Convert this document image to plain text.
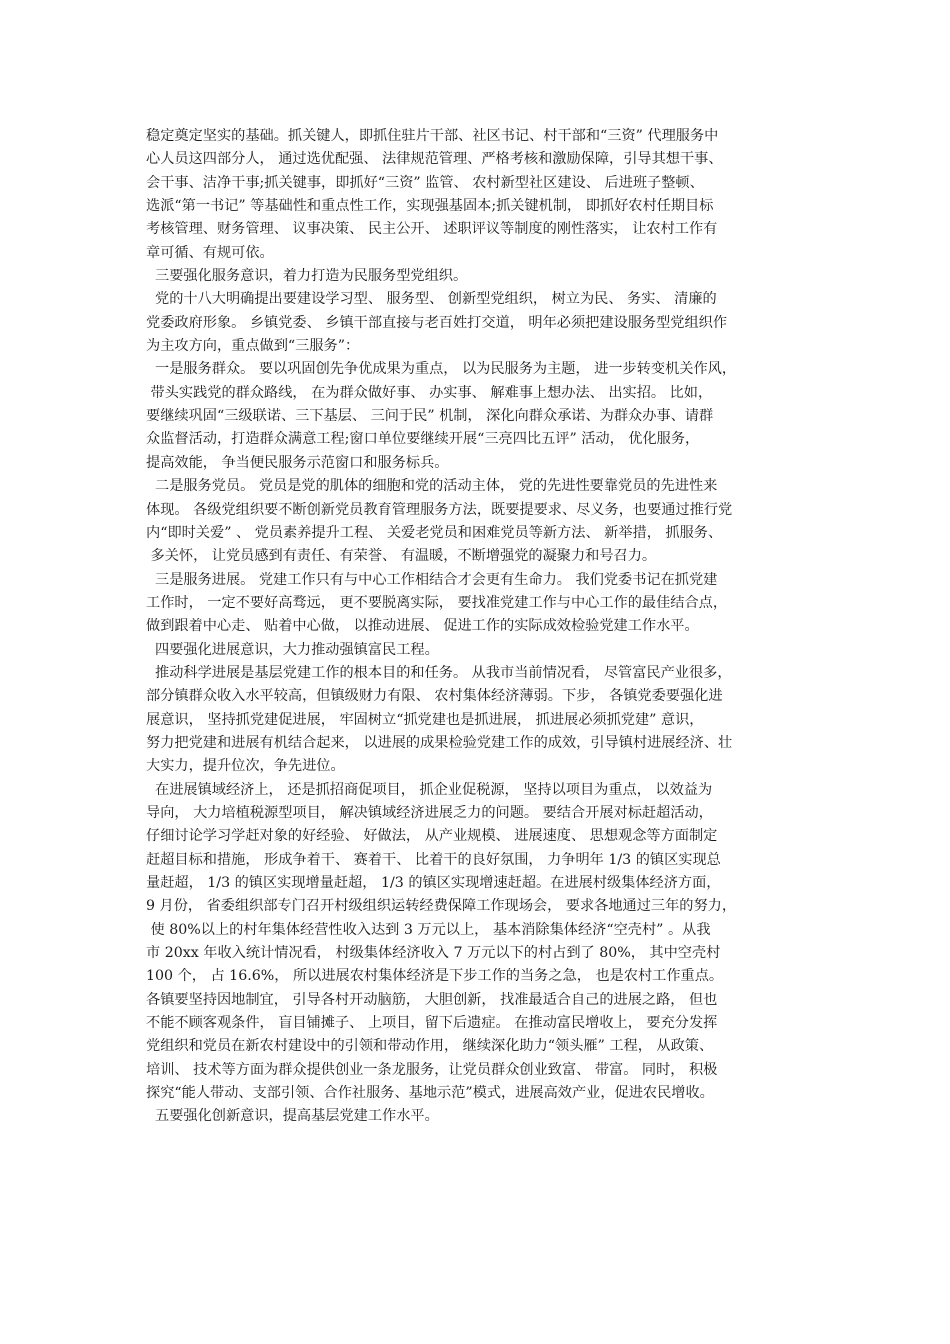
稳定奠定坚实的基础。抓关键人，即抓住驻片干部、社区书记、村干部和“三资” 代理服务中
心人员这四部分人， 通过选优配强、 法律规范管理、严格考核和激励保障，引导其想干事、
会干事、洁净干事;抓关键事，即抓好“三资” 监管、 农村新型社区建设、 后进班子整顿、
选派“第一书记” 等基础性和重点性工作，实现强基固本;抓关键机制， 即抓好农村任期目标
考核管理、财务管理、 议事决策、 民主公开、 述职评议等制度的刚性落实， 让农村工作有
章可循、有规可依。
三要强化服务意识，着力打造为民服务型党组织。
党的十八大明确提出要建设学习型、 服务型、 创新型党组织， 树立为民、 务实、 清廉的
党委政府形象。 乡镇党委、 乡镇干部直接与老百姓打交道， 明年必须把建设服务型党组织作
为主攻方向，重点做到“三服务”：
一是服务群众。 要以巩固创先争优成果为重点， 以为民服务为主题， 进一步转变机关作风，
带头实践党的群众路线， 在为群众做好事、 办实事、 解难事上想办法、 出实招。 比如，
要继续巩固“三级联诺、三下基层、 三问于民” 机制， 深化向群众承诺、为群众办事、请群
众监督活动，打造群众满意工程;窗口单位要继续开展“三亮四比五评” 活动， 优化服务，
提高效能， 争当便民服务示范窗口和服务标兵。
二是服务党员。 党员是党的肌体的细胞和党的活动主体， 党的先进性要靠党员的先进性来
体现。 各级党组织要不断创新党员教育管理服务方法，既要提要求、尽义务，也要通过推行党
内“即时关爱” 、 党员素养提升工程、 关爱老党员和困难党员等新方法、 新举措， 抓服务、
多关怀， 让党员感到有责任、有荣誉、 有温暖，不断增强党的凝聚力和号召力。
三是服务进展。 党建工作只有与中心工作相结合才会更有生命力。 我们党委书记在抓党建
工作时， 一定不要好高骛远， 更不要脱离实际， 要找准党建工作与中心工作的最佳结合点，
做到跟着中心走、 贴着中心做， 以推动进展、 促进工作的实际成效检验党建工作水平。
四要强化进展意识，大力推动强镇富民工程。
推动科学进展是基层党建工作的根本目的和任务。 从我市当前情况看， 尽管富民产业很多，
部分镇群众收入水平较高，但镇级财力有限、 农村集体经济薄弱。下步， 各镇党委要强化进
展意识， 坚持抓党建促进展， 牢固树立“抓党建也是抓进展， 抓进展必须抓党建” 意识，
努力把党建和进展有机结合起来， 以进展的成果检验党建工作的成效，引导镇村进展经济、壮
大实力，提升位次，争先进位。
在进展镇域经济上， 还是抓招商促项目， 抓企业促税源， 坚持以项目为重点， 以效益为
导向， 大力培植税源型项目， 解决镇域经济进展乏力的问题。 要结合开展对标赶超活动，
仔细讨论学习学赶对象的好经验、 好做法， 从产业规模、 进展速度、 思想观念等方面制定
赶超目标和措施， 形成争着干、 赛着干、 比着干的良好氛围， 力争明年 1/3 的镇区实现总
量赶超， 1/3 的镇区实现增量赶超， 1/3 的镇区实现增速赶超。在进展村级集体经济方面，
9 月份， 省委组织部专门召开村级组织运转经费保障工作现场会， 要求各地通过三年的努力，
使 80%以上的村年集体经营性收入达到 3 万元以上， 基本消除集体经济“空壳村” 。从我
市 20xx 年收入统计情况看， 村级集体经济收入 7 万元以下的村占到了 80%， 其中空壳村
100 个， 占 16.6%， 所以进展农村集体经济是下步工作的当务之急， 也是农村工作重点。
各镇要坚持因地制宜， 引导各村开动脑筋， 大胆创新， 找准最适合自己的进展之路， 但也
不能不顾客观条件， 盲目铺摊子、 上项目，留下后遗症。 在推动富民增收上， 要充分发挥
党组织和党员在新农村建设中的引领和带动作用， 继续深化助力“领头雁” 工程， 从政策、
培训、 技术等方面为群众提供创业一条龙服务，让党员群众创业致富、 带富。 同时， 积极
探究“能人带动、支部引领、合作社服务、基地示范”模式，进展高效产业，促进农民增收。
五要强化创新意识，提高基层党建工作水平。
